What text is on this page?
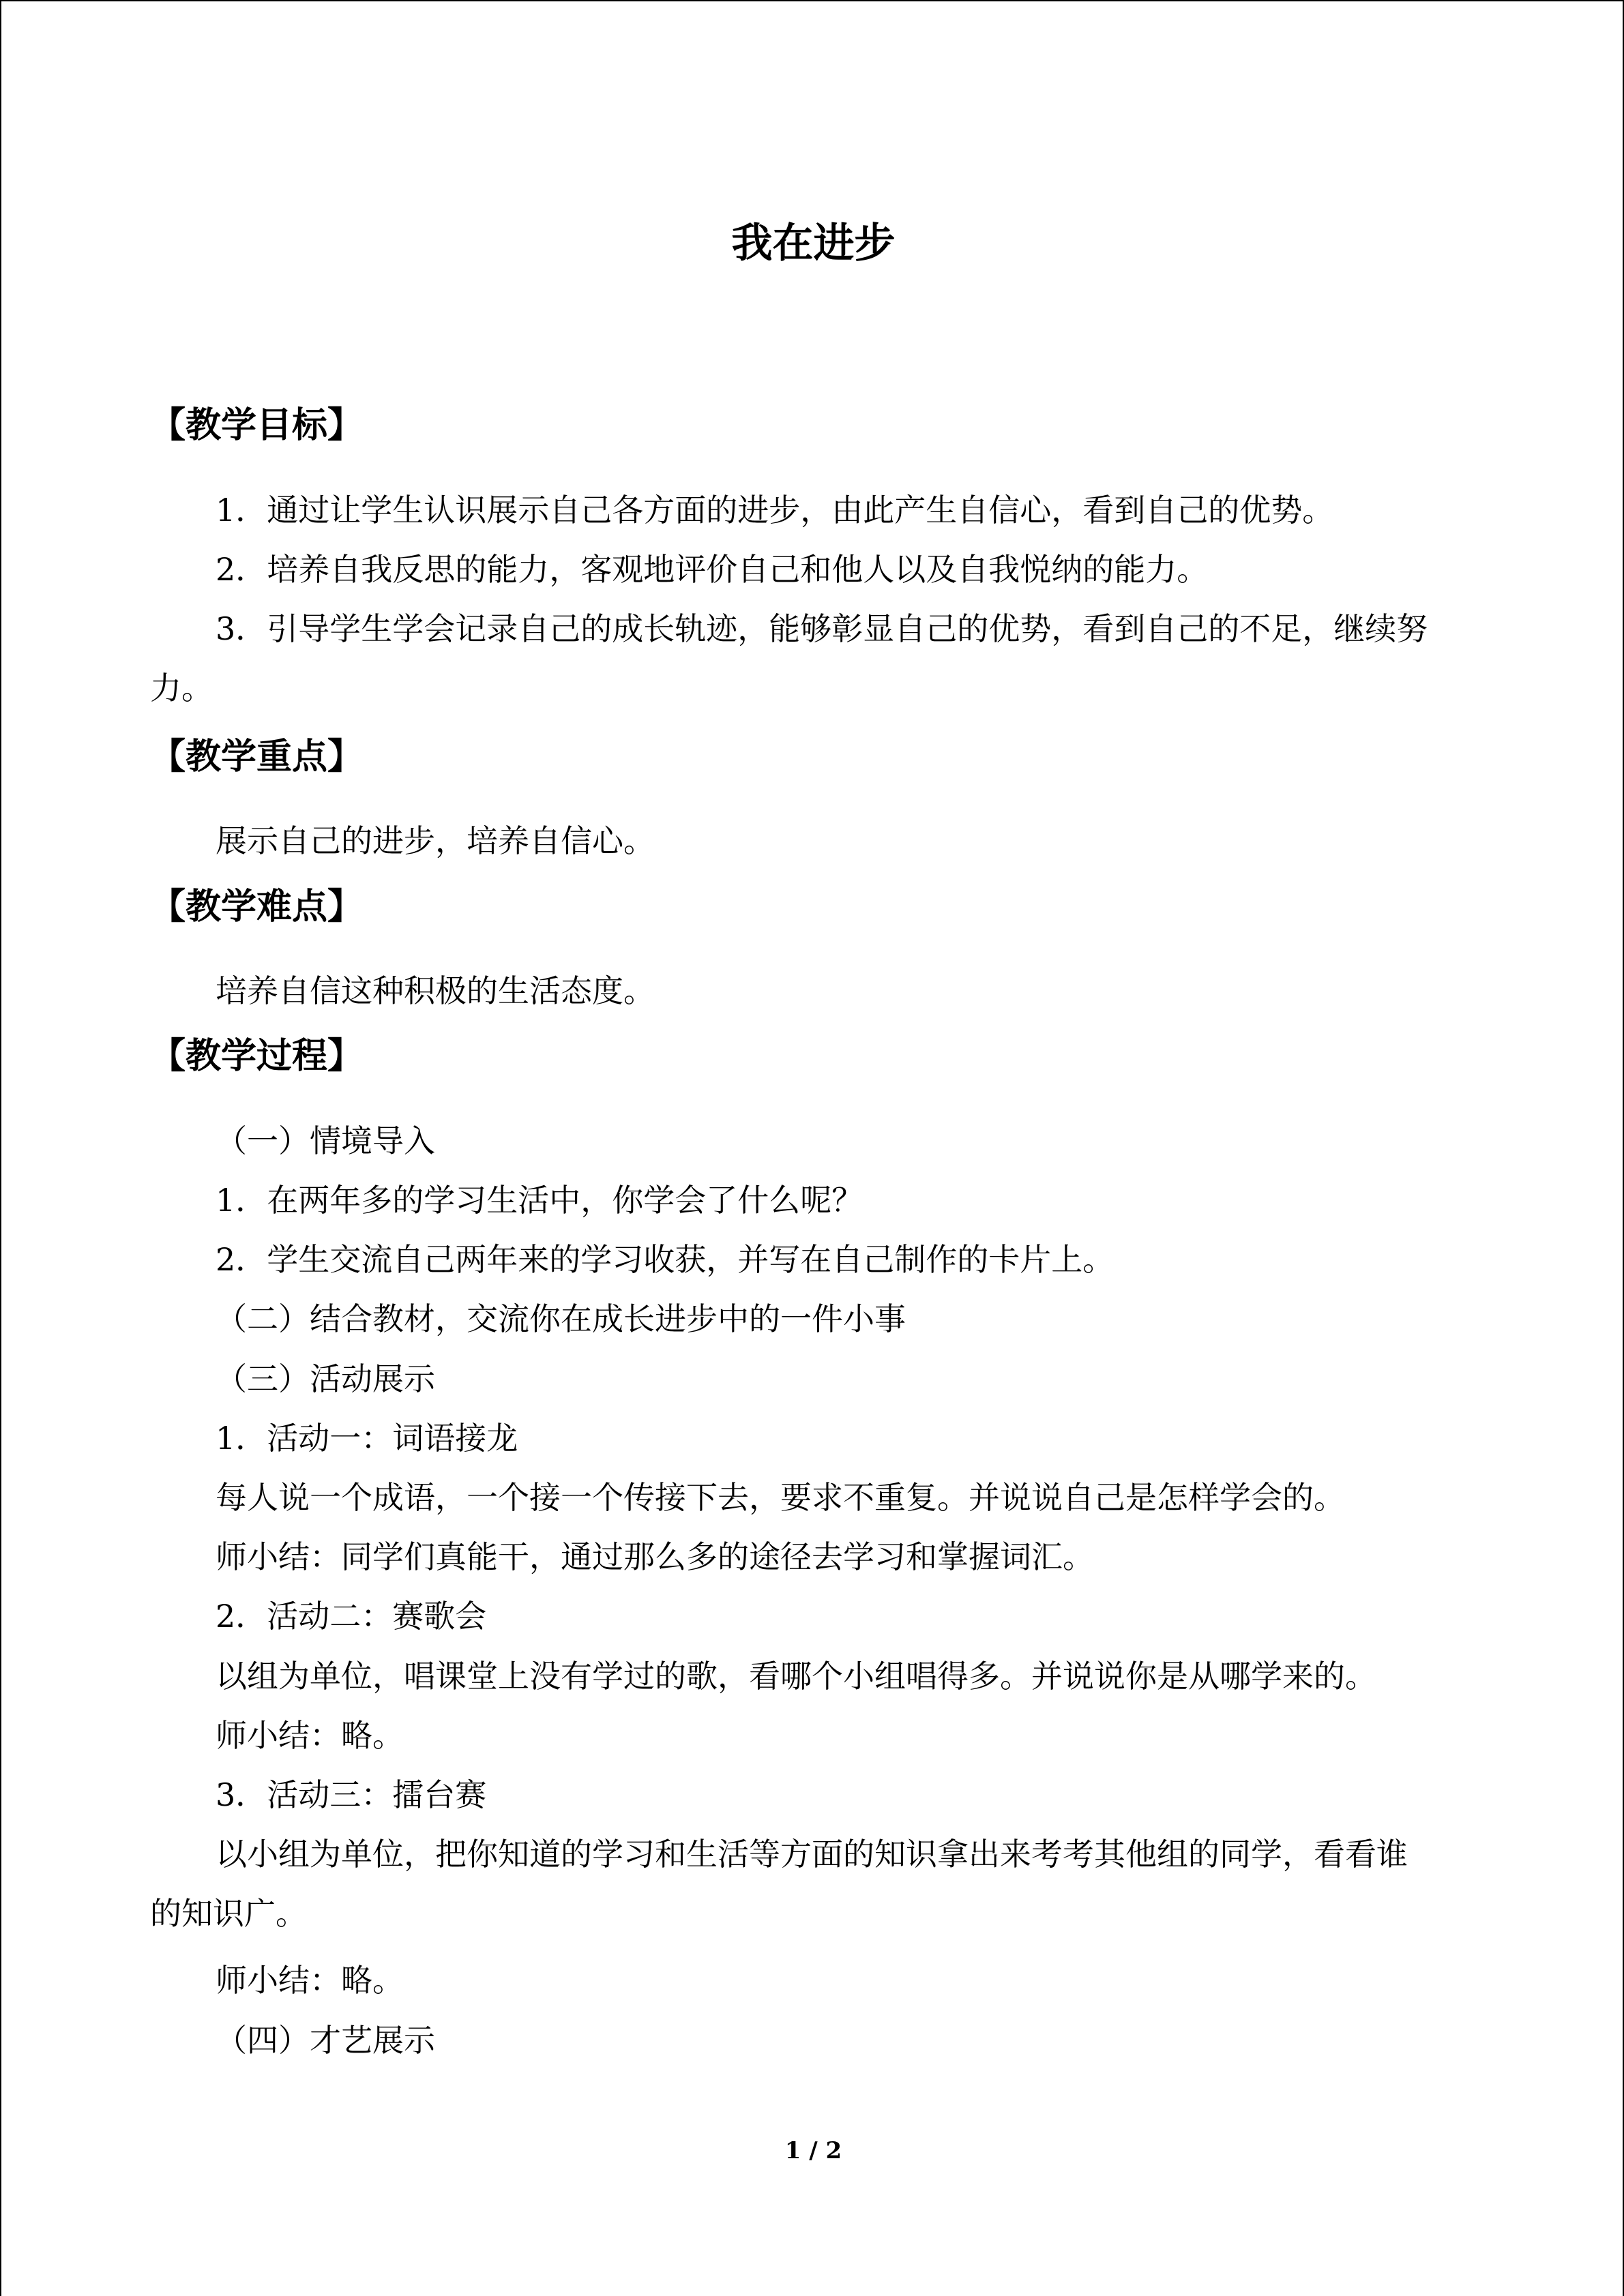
我在进步
【教学目标】
1．通过让学生认识展示自己各方面的进步，由此产生自信心，看到自己的优势。
2．培养自我反思的能力，客观地评价自己和他人以及自我悦纳的能力。
3．引导学生学会记录自己的成长轨迹，能够彰显自己的优势，看到自己的不足，继续努
力。
【教学重点】
展示自己的进步，培养自信心。
【教学难点】
培养自信这种积极的生活态度。
【教学过程】
（一）情境导入
1．在两年多的学习生活中，你学会了什么呢？
2．学生交流自己两年来的学习收获，并写在自己制作的卡片上。
（二）结合教材，交流你在成长进步中的一件小事
（三）活动展示
1．活动一：词语接龙
每人说一个成语，一个接一个传接下去，要求不重复。并说说自己是怎样学会的。
师小结：同学们真能干，通过那么多的途径去学习和掌握词汇。
2．活动二：赛歌会
以组为单位，唱课堂上没有学过的歌，看哪个小组唱得多。并说说你是从哪学来的。
师小结：略。
3．活动三：擂台赛
以小组为单位，把你知道的学习和生活等方面的知识拿出来考考其他组的同学，看看谁
的知识广。
师小结：略。
（四）才艺展示
1 / 2
